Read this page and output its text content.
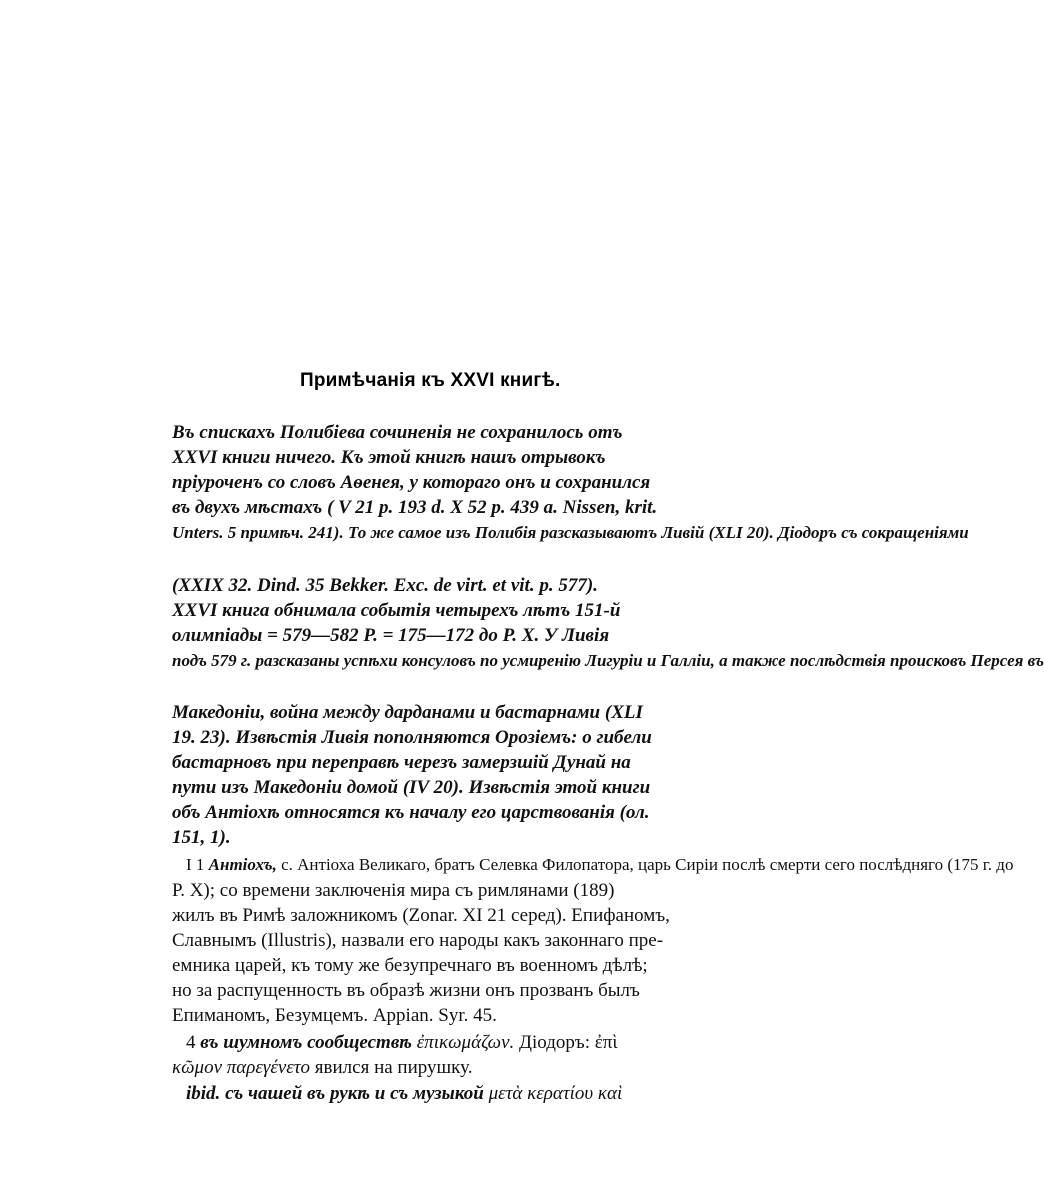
Примѣчанія къ XXVI книгѣ.
Въ спискахъ Полибіева сочиненія не сохранилось отъ
XXVI книги ничего. Къ этой книгѣ нашъ отрывокъ
пріуроченъ со словъ Аѳенея, у котораго онъ и сохранился
въ двухъ мѣстахъ ( V 21 p. 193 d. X 52 p. 439 a. Nissen, krit.
Unters. 5 примѣч. 241). То же самое изъ Полибія разсказываютъ Ливій (XLI 20). Діодоръ съ сокращеніями
(XXIX 32. Dind. 35 Bekker. Exc. de virt. et vit. p. 577).
XXVI книга обнимала событія четырехъ лѣтъ 151-й
олимпіады = 579—582 Р. = 175—172 до Р. Х. У Ливія
подъ 579 г. разсказаны успѣхи консуловъ по усмиренію Лигуріи и Галліи, а также послѣдствія происковъ Персея въ
Македоніи, война между дарданами и бастарнами (XLI
19. 23). Извѣстія Ливія пополняются Орозіемъ: о гибели
бастарновъ при переправѣ черезъ замерзшій Дунай на
пути изъ Македоніи домой (IV 20). Извѣстія этой книги
объ Антіохѣ относятся къ началу его царствованія (ол.
151, 1).
I 1 Антіохъ, с. Антіоха Великаго, братъ Селевка Филопатора, царь Сиріи послѣ смерти сего послѣдняго (175 г. до
Р. Х); со времени заключенія мира съ римлянами (189)
жилъ въ Римѣ заложникомъ (Zonar. XI 21 серед). Епифаномъ,
Славнымъ (Illustris), назвали его народы какъ законнаго пре-
емника царей, къ тому же безупречнаго въ военномъ дѣлѣ;
но за распущенность въ образѣ жизни онъ прозванъ былъ
Епиманомъ, Безумцемъ. Appian. Syr. 45.
4 въ шумномъ сообществѣ ἐπικωμάζων. Діодоръ: ἐπὶ
κῶμον παρεγένετο явился на пирушку.
ibid. съ чашей въ рукѣ и съ музыкой μετὰ κερατίου καὶ
